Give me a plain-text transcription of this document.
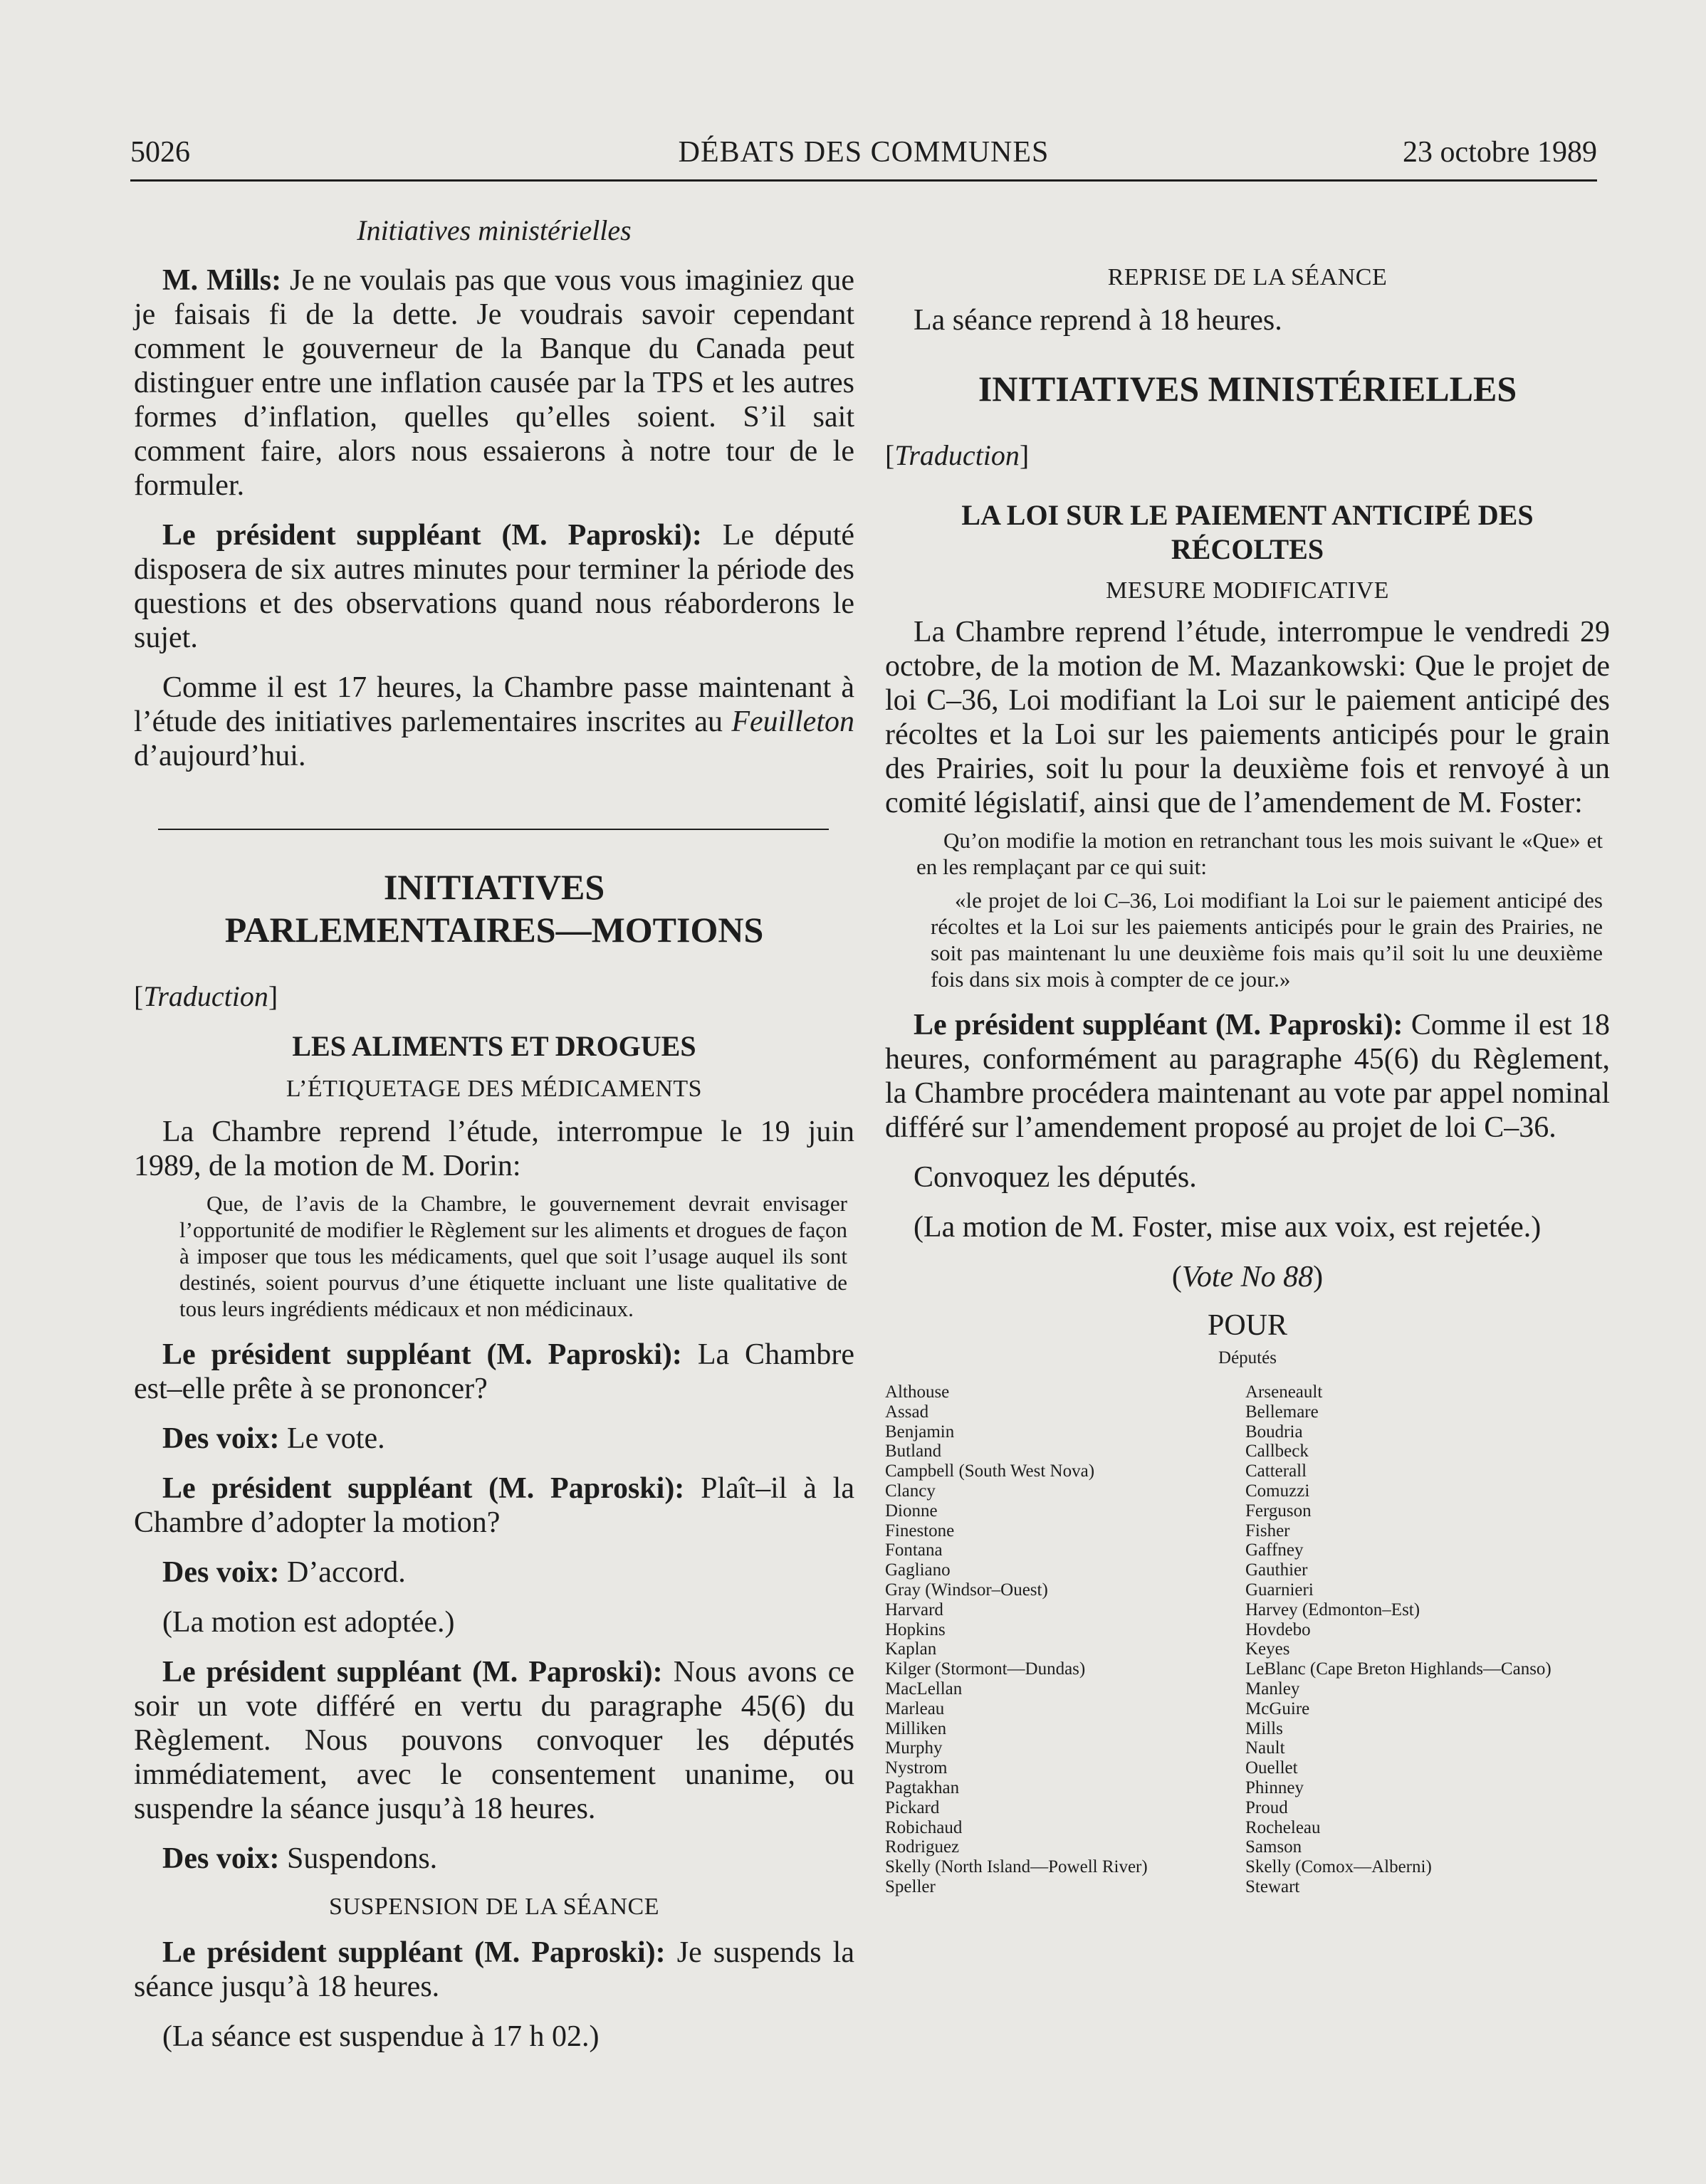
5026	DÉBATS DES COMMUNES	23 octobre 1989

Initiatives ministérielles

M. Mills: Je ne voulais pas que vous vous imaginiez que je faisais fi de la dette. Je voudrais savoir cependant comment le gouverneur de la Banque du Canada peut distinguer entre une inflation causée par la TPS et les autres formes d’inflation, quelles qu’elles soient. S’il sait comment faire, alors nous essaierons à notre tour de le formuler.

Le président suppléant (M. Paproski): Le député disposera de six autres minutes pour terminer la période des questions et des observations quand nous réaborderons le sujet.

Comme il est 17 heures, la Chambre passe maintenant à l’étude des initiatives parlementaires inscrites au Feuilleton d’aujourd’hui.

INITIATIVES

PARLEMENTAIRES—MOTIONS

[Traduction]

LES ALIMENTS ET DROGUES

L’ÉTIQUETAGE DES MÉDICAMENTS

La Chambre reprend l’étude, interrompue le 19 juin 1989, de la motion de M. Dorin:

Que, de l’avis de la Chambre, le gouvernement devrait envisager l’opportunité de modifier le Règlement sur les aliments et drogues de façon à imposer que tous les médicaments, quel que soit l’usage auquel ils sont destinés, soient pourvus d’une étiquette incluant une liste qualitative de tous leurs ingrédients médicaux et non médicinaux.

Le président suppléant (M. Paproski): La Chambre est–elle prête à se prononcer?

Des voix: Le vote.

Le président suppléant (M. Paproski): Plaît–il à la Chambre d’adopter la motion?

Des voix: D’accord.

(La motion est adoptée.)

Le président suppléant (M. Paproski): Nous avons ce soir un vote différé en vertu du paragraphe 45(6) du Règlement. Nous pouvons convoquer les députés immédiatement, avec le consentement unanime, ou suspendre la séance jusqu’à 18 heures.

Des voix: Suspendons.

SUSPENSION DE LA SÉANCE

Le président suppléant (M. Paproski): Je suspends la séance jusqu’à 18 heures.

(La séance est suspendue à 17 h 02.)

REPRISE DE LA SÉANCE

La séance reprend à 18 heures.

INITIATIVES MINISTÉRIELLES

[Traduction]

LA LOI SUR LE PAIEMENT ANTICIPÉ DES RÉCOLTES

MESURE MODIFICATIVE

La Chambre reprend l’étude, interrompue le vendredi 29 octobre, de la motion de M. Mazankowski: Que le projet de loi C–36, Loi modifiant la Loi sur le paiement anticipé des récoltes et la Loi sur les paiements anticipés pour le grain des Prairies, soit lu pour la deuxième fois et renvoyé à un comité législatif, ainsi que de l’amendement de M. Foster:

Qu’on modifie la motion en retranchant tous les mois suivant le «Que» et en les remplaçant par ce qui suit:

«le projet de loi C–36, Loi modifiant la Loi sur le paiement anticipé des récoltes et la Loi sur les paiements anticipés pour le grain des Prairies, ne soit pas maintenant lu une deuxième fois mais qu’il soit lu une deuxième fois dans six mois à compter de ce jour.»

Le président suppléant (M. Paproski): Comme il est 18 heures, conformément au paragraphe 45(6) du Règlement, la Chambre procédera maintenant au vote par appel nominal différé sur l’amendement proposé au projet de loi C–36.

Convoquez les députés.

(La motion de M. Foster, mise aux voix, est rejetée.)

(Vote No 88)

POUR

Députés

Althouse
Assad
Benjamin
Butland
Campbell (South West Nova)
Clancy
Dionne
Finestone
Fontana
Gagliano
Gray (Windsor–Ouest)
Harvard
Hopkins
Kaplan
Kilger (Stormont—Dundas)
MacLellan
Marleau
Milliken
Murphy
Nystrom
Pagtakhan
Pickard
Robichaud
Rodriguez
Skelly (North Island—Powell River)
Speller
Arseneault
Bellemare
Boudria
Callbeck
Catterall
Comuzzi
Ferguson
Fisher
Gaffney
Gauthier
Guarnieri
Harvey (Edmonton–Est)
Hovdebo
Keyes
LeBlanc (Cape Breton Highlands—Canso)
Manley
McGuire
Mills
Nault
Ouellet
Phinney
Proud
Rocheleau
Samson
Skelly (Comox—Alberni)
Stewart
